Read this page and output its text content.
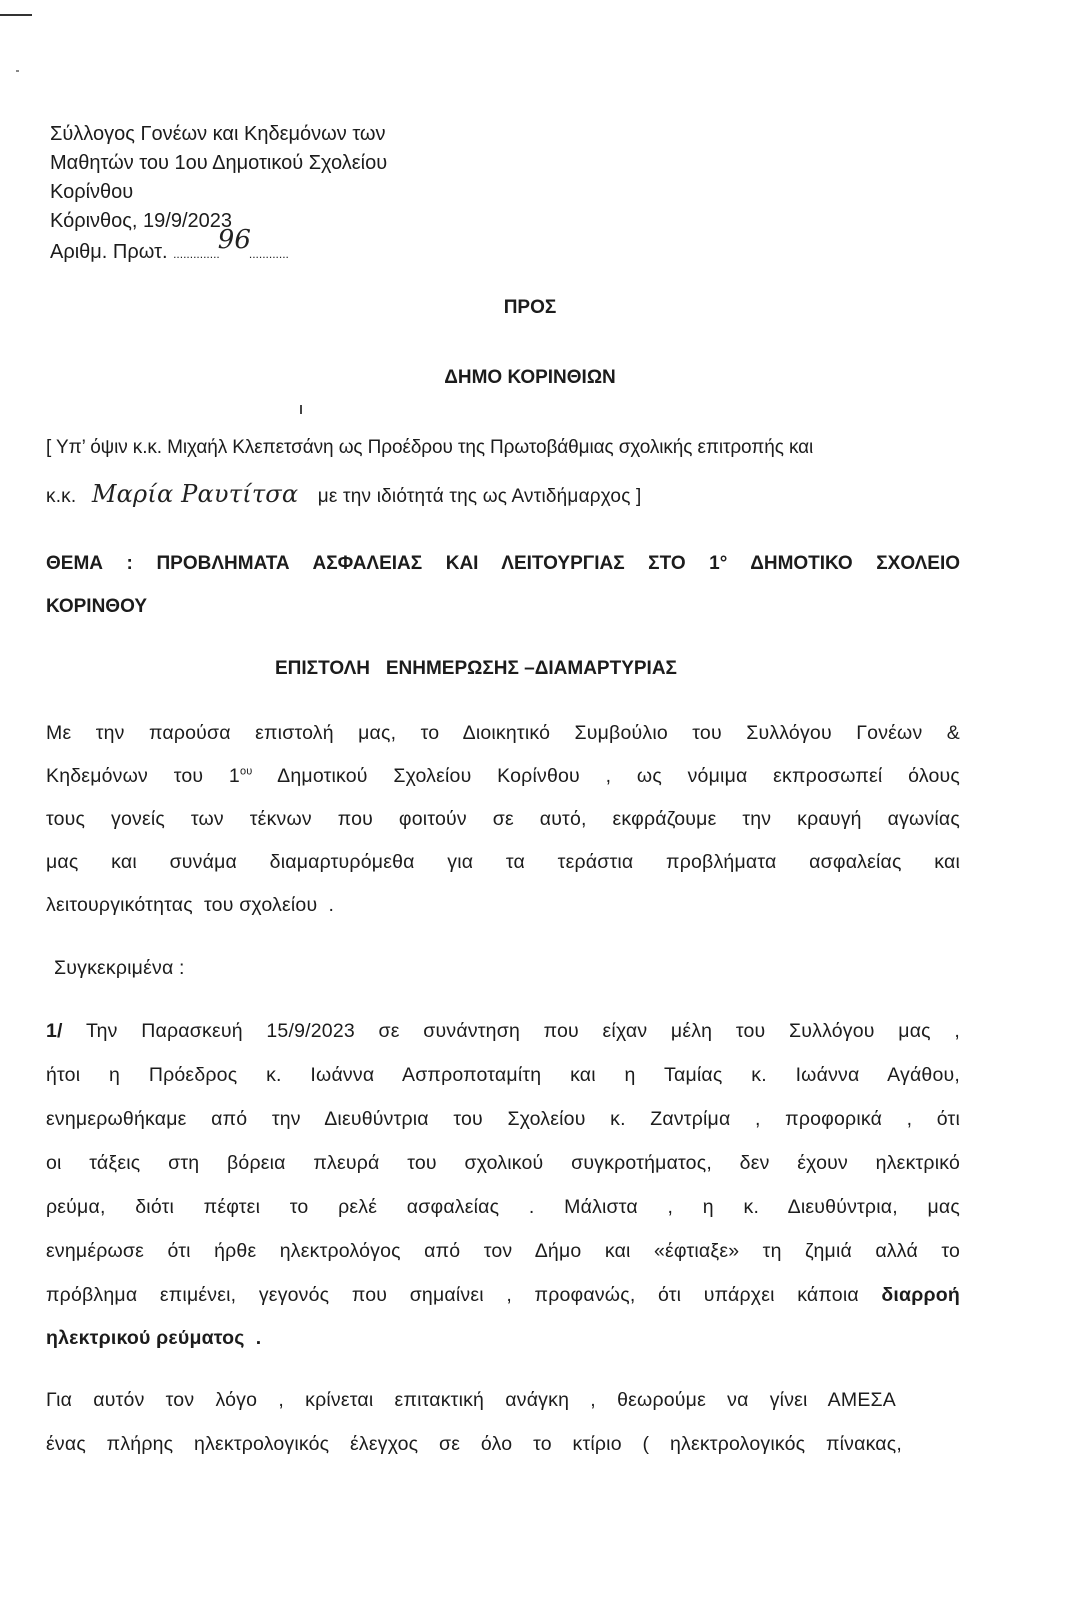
Σύλλογος Γονέων και Κηδεμόνων των
Μαθητών του 1ου Δημοτικού Σχολείου
Κορίνθου
Κόρινθος, 19/9/2023
Αριθμ. Πρωτ. ..............96............
ΠΡΟΣ
ΔΗΜΟ ΚΟΡΙΝΘΙΩΝ
[ Υπ’ όψιν κ.κ. Μιχαήλ Κλεπετσάνη ως Προέδρου της Πρωτοβάθμιας σχολικής επιτροπής και
κ.κ. Μαρία Ραυτίτσα με την ιδιότητά της ως Αντιδήμαρχος ]
ΘΕΜΑ : ΠΡΟΒΛΗΜΑΤΑ ΑΣΦΑΛΕΙΑΣ ΚΑΙ ΛΕΙΤΟΥΡΓΙΑΣ ΣΤΟ 1° ΔΗΜΟΤΙΚΟ ΣΧΟΛΕΙΟ
ΚΟΡΙΝΘΟΥ
ΕΠΙΣΤΟΛΗ   ΕΝΗΜΕΡΩΣΗΣ –ΔΙΑΜΑΡΤΥΡΙΑΣ
Με την παρούσα επιστολή μας, το Διοικητικό Συμβούλιο του Συλλόγου Γονέων &
Κηδεμόνων του $1^{o\upsilon}$ Δημοτικού Σχολείου Κορίνθου , ως νόμιμα εκπροσωπεί όλους
τους γονείς των τέκνων που φοιτούν σε αυτό, εκφράζουμε την κραυγή αγωνίας
μας και συνάμα διαμαρτυρόμεθα για τα τεράστια προβλήματα ασφαλείας και
λειτουργικότητας  του σχολείου  .
Συγκεκριμένα :
1/ Την Παρασκευή 15/9/2023 σε συνάντηση που είχαν μέλη του Συλλόγου μας ,
ήτοι η Πρόεδρος κ. Ιωάννα Ασπροποταμίτη και η Ταμίας κ. Ιωάννα Αγάθου,
ενημερωθήκαμε από την Διευθύντρια του Σχολείου κ. Ζαντρίμα , προφορικά , ότι
οι τάξεις στη βόρεια πλευρά του σχολικού συγκροτήματος, δεν έχουν ηλεκτρικό
ρεύμα, διότι πέφτει το ρελέ ασφαλείας . Μάλιστα , η κ. Διευθύντρια, μας
ενημέρωσε ότι ήρθε ηλεκτρολόγος από τον Δήμο και «έφτιαξε» τη ζημιά αλλά το
πρόβλημα επιμένει, γεγονός που σημαίνει , προφανώς, ότι υπάρχει κάποια διαρροή
ηλεκτρικού ρεύματος  .
Για αυτόν τον λόγο , κρίνεται επιτακτική ανάγκη , θεωρούμε να γίνει ΑΜΕΣΑ
ένας πλήρης ηλεκτρολογικός έλεγχος σε όλο το κτίριο ( ηλεκτρολογικός πίνακας,
